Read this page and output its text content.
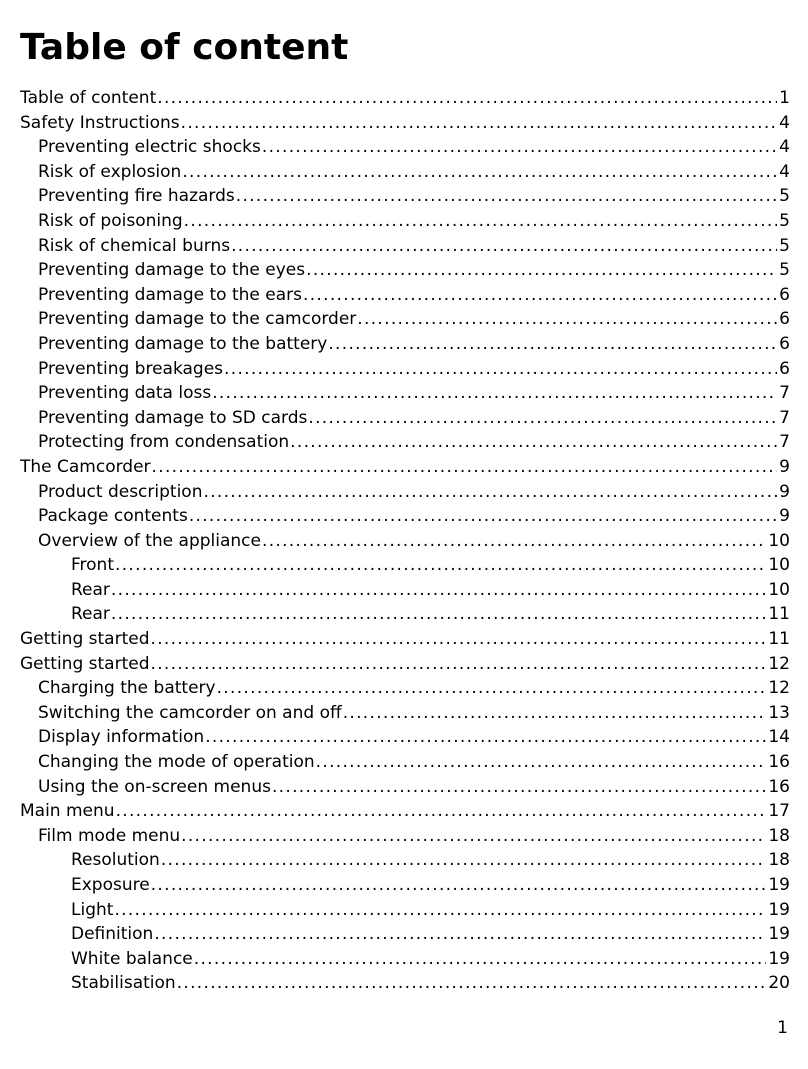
Table of content
Table of content .....	1
Safety Instructions .....	4
Preventing electric shocks .....	4
Risk of explosion .....	4
Preventing fire hazards .....	5
Risk of poisoning .....	5
Risk of chemical burns .....	5
Preventing damage to the eyes .....	5
Preventing damage to the ears .....	6
Preventing damage to the camcorder .....	6
Preventing damage to the battery .....	6
Preventing breakages .....	6
Preventing data loss .....	7
Preventing damage to SD cards .....	7
Protecting from condensation .....	7
The Camcorder .....	9
Product description .....	9
Package contents .....	9
Overview of the appliance .....	10
Front .....	10
Rear .....	10
Rear .....	11
Getting started .....	11
Getting started .....	12
Charging the battery .....	12
Switching the camcorder on and off .....	13
Display information .....	14
Changing the mode of operation .....	16
Using the on-screen menus .....	16
Main menu .....	17
Film mode menu .....	18
Resolution .....	18
Exposure .....	19
Light .....	19
Definition .....	19
White balance .....	19
Stabilisation .....	20
1
